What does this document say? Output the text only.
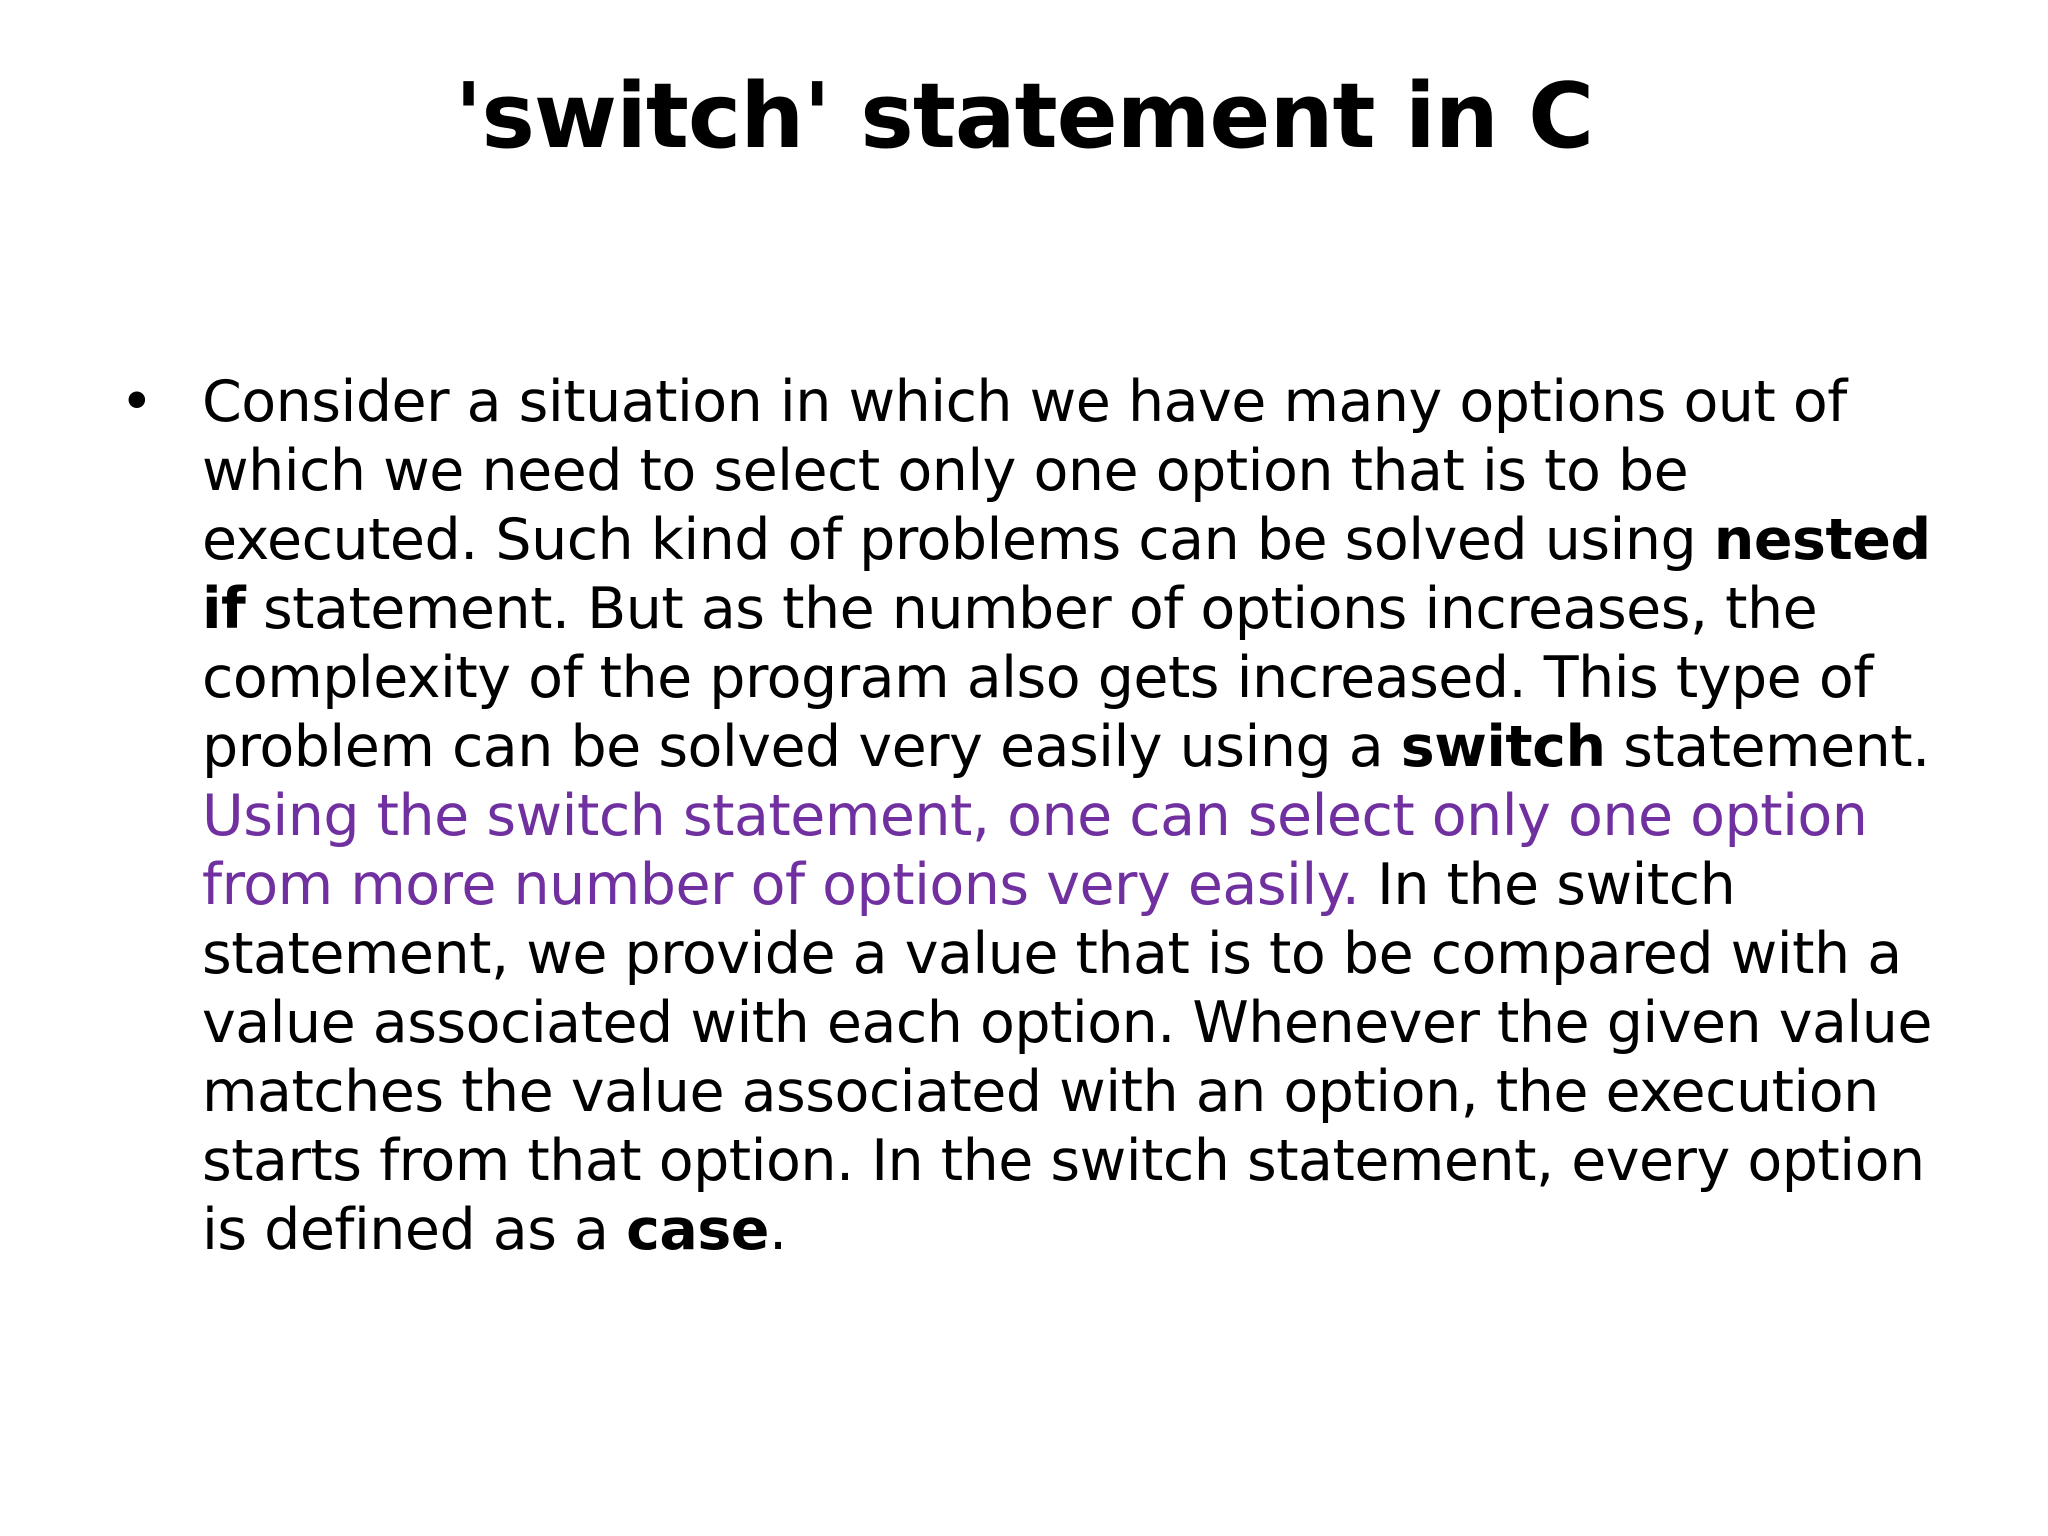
'switch' statement in C
• Consider a situation in which we have many options out of which we need to select only one option that is to be executed. Such kind of problems can be solved using nested if statement. But as the number of options increases, the complexity of the program also gets increased. This type of problem can be solved very easily using a switch statement. Using the switch statement, one can select only one option from more number of options very easily. In the switch statement, we provide a value that is to be compared with a value associated with each option. Whenever the given value matches the value associated with an option, the execution starts from that option. In the switch statement, every option is defined as a case.
